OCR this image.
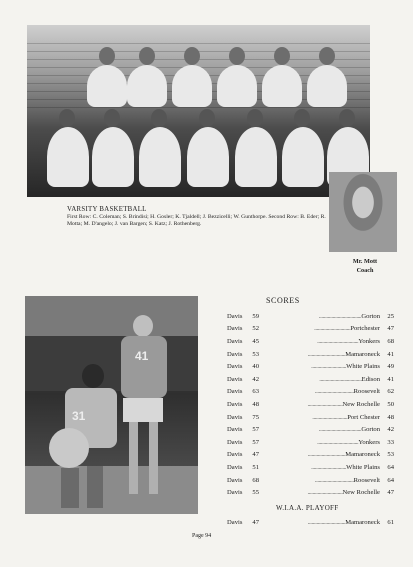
VARSITY BASKETBALL
First Row: C. Coleman; S. Brindisi; H. Gosler; K. Tjaldell; J. Bezzicelli; W. Gunthorpe. Second Row: B. Eder; R. Motta; M. D'angelo; J. van Bargen; S. Katz; J. Rothenberg.
Mr. Mott
Coach
41
31
SCORES
Davis	59	..................................Gorton	25
Davis	52	.............................Portchester	47
Davis	45	.................................Yonkers	68
Davis	53	..............................Mamaroneck	41
Davis	40	............................White Plains	49
Davis	42	..................................Edison	41
Davis	63	...............................Roosevelt	62
Davis	48	............................New Rochelle	50
Davis	75	............................Port Chester	48
Davis	57	..................................Gorton	42
Davis	57	.................................Yonkers	33
Davis	47	..............................Mamaroneck	53
Davis	51	............................White Plains	64
Davis	68	...............................Roosevelt	64
Davis	55	............................New Rochelle	47
W.I.A.A. PLAYOFF
Davis	47	..............................Mamaroneck	61
Page 94
